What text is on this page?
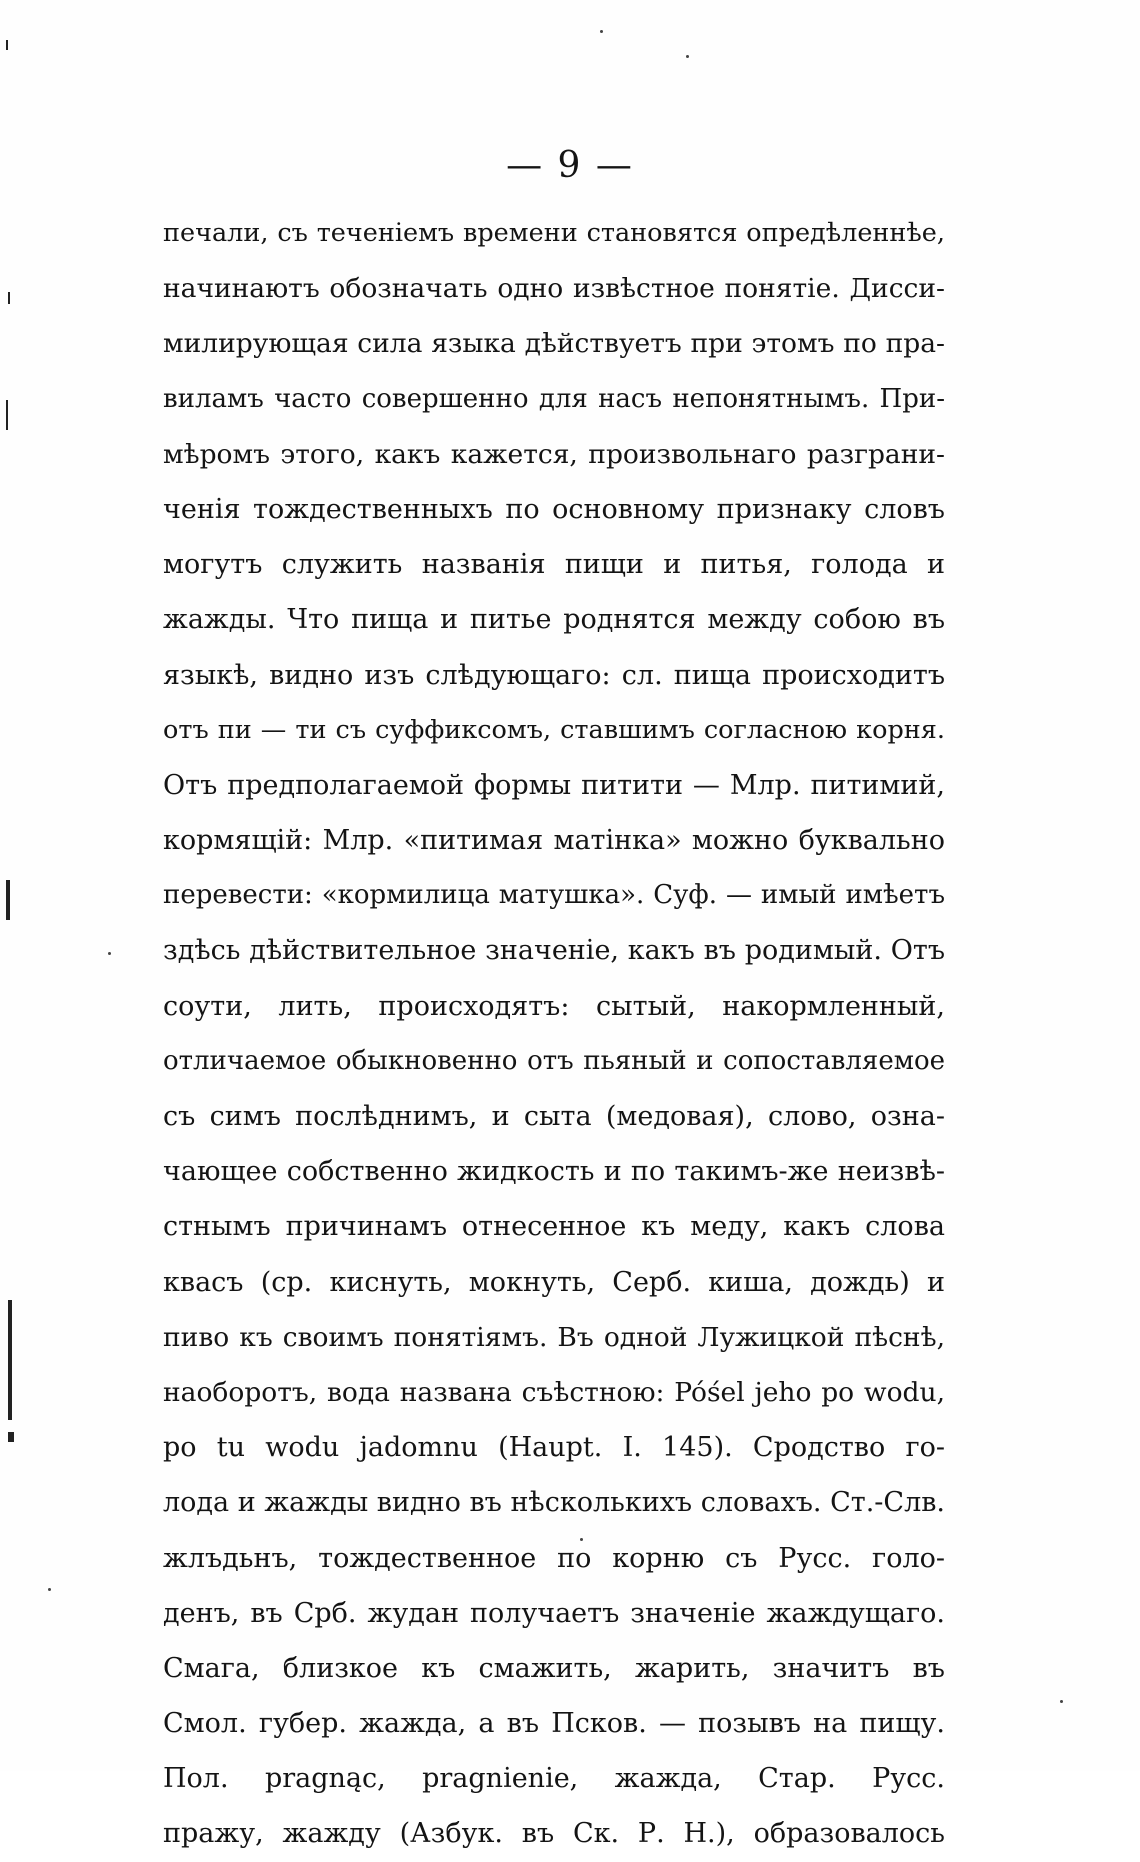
— 9 —
печали, съ теченіемъ времени становятся опредѣленнѣе,
начинаютъ обозначать одно извѣстное понятіе. Дисси-
милирующая сила языка дѣйствуетъ при этомъ по пра-
виламъ часто совершенно для насъ непонятнымъ. При-
мѣромъ этого, какъ кажется, произвольнаго разграни-
ченія тождественныхъ по основному признаку словъ
могутъ служить названія пищи и питья, голода и
жажды. Что пища и питье роднятся между собою въ
языкѣ, видно изъ слѣдующаго: сл. пища происходитъ
отъ пи — ти съ суффиксомъ, ставшимъ согласною корня.
Отъ предполагаемой формы питити — Млр. питимий,
кормящій: Млр. «питимая матінка» можно буквально
перевести: «кормилица матушка». Суф. — имый имѣетъ
здѣсь дѣйствительное значеніе, какъ въ родимый. Отъ
соути, лить, происходятъ: сытый, накормленный,
отличаемое обыкновенно отъ пьяный и сопоставляемое
съ симъ послѣднимъ, и сыта (медовая), слово, озна-
чающее собственно жидкость и по такимъ-же неизвѣ-
стнымъ причинамъ отнесенное къ меду, какъ слова
квасъ (ср. киснуть, мокнуть, Серб. киша, дождь) и
пиво къ своимъ понятіямъ. Въ одной Лужицкой пѣснѣ,
наоборотъ, вода названа съѣстною: Póśel jeho po wodu,
po tu wodu jadomnu (Haupt. I. 145). Сродство го-
лода и жажды видно въ нѣсколькихъ словахъ. Ст.-Слв.
жлъдьнъ, тождественное по корню съ Русс. голо-
денъ, въ Срб. жудан получаетъ значеніе жаждущаго.
Смага, близкое къ смажить, жарить, значитъ въ
Смол. губер. жажда, а въ Псков. — позывъ на пищу.
Пол. pragnąc, pragnienie, жажда, Стар. Русс.
пражу, жажду (Азбук. въ Ск. Р. Н.), образовалось
